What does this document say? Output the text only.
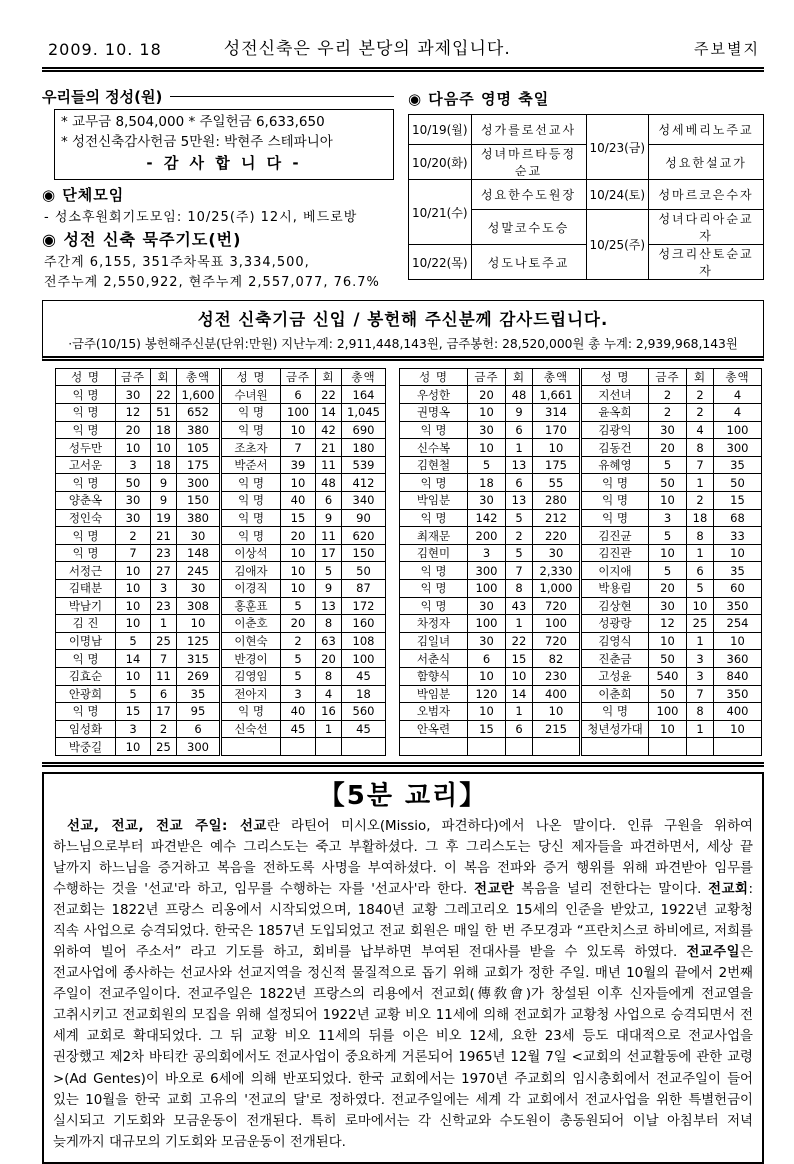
2009. 10. 18	성전신축은 우리 본당의 과제입니다.	주보별지
우리들의 정성(원)
* 교무금 8,504,000 * 주일헌금 6,633,650
* 성전신축감사헌금 5만원: 박현주 스테파니아
- 감 사 합 니 다 -
◉ 단체모임
- 성소후원회기도모임: 10/25(주) 12시, 베드로방
◉ 성전 신축 묵주기도(번)
주간계 6,155, 351주차목표 3,334,500,
전주누계 2,550,922, 현주누계 2,557,077, 76.7%
◉ 다음주 영명 축일
10/19(월)	성가를로선교사	10/23(금)	성세베리노주교
10/20(화)	성녀마르타등정순교		성요한설교가
10/21(수)	성요한수도원장	10/24(토)	성마르코은수자
	성말코수도승	10/25(주)	성녀다리아순교자
10/22(목)	성도나토주교		성크리산토순교자
성전 신축기금 신입 / 봉헌해 주신분께 감사드립니다.
·금주(10/15) 봉헌해주신분(단위:만원) 지난누계: 2,911,448,143원, 금주봉헌: 28,520,000원 총 누계: 2,939,968,143원
성 명	금주	회	총액	성 명	금주	회	총액
익 명	30	22	1,600	수녀원	6	22	164
익 명	12	51	652	익 명	100	14	1,045
익 명	20	18	380	익 명	10	42	690
성두만	10	10	105	조초자	7	21	180
고서운	3	18	175	박준서	39	11	539
익 명	50	9	300	익 명	10	48	412
양춘옥	30	9	150	익 명	40	6	340
정인숙	30	19	380	익 명	15	9	90
익 명	2	21	30	익 명	20	11	620
익 명	7	23	148	이상석	10	17	150
서정근	10	27	245	김애자	10	5	50
김태분	10	3	30	이경직	10	9	87
박남기	10	23	308	홍훈표	5	13	172
김 진	10	1	10	이춘호	20	8	160
이명남	5	25	125	이현숙	2	63	108
익 명	14	7	315	반경이	5	20	100
김효순	10	11	269	김영임	5	8	45
안광희	5	6	35	전아지	3	4	18
익 명	15	17	95	익 명	40	16	560
임성화	3	2	6	신숙선	45	1	45
박중길	10	25	300				
성 명	금주	회	총액	성 명	금주	회	총액
우성한	20	48	1,661	지선녀	2	2	4
권명옥	10	9	314	윤옥희	2	2	4
익 명	30	6	170	김광익	30	4	100
신수복	10	1	10	김동건	20	8	300
김현철	5	13	175	유혜영	5	7	35
익 명	18	6	55	익 명	50	1	50
박임분	30	13	280	익 명	10	2	15
익 명	142	5	212	익 명	3	18	68
최재문	200	2	220	김진균	5	8	33
김현미	3	5	30	김진관	10	1	10
익 명	300	7	2,330	이지애	5	6	35
익 명	100	8	1,000	박용림	20	5	60
익 명	30	43	720	김상현	30	10	350
차정자	100	1	100	성광랑	12	25	254
김일녀	30	22	720	김영식	10	1	10
서춘식	6	15	82	진춘금	50	3	360
함향식	10	10	230	고성윤	540	3	840
박임분	120	14	400	이춘희	50	7	350
오범자	10	1	10	익 명	100	8	400
안옥련	15	6	215	청년성가대	10	1	10

【5분 교리】

선교, 전교, 전교 주일: 선교란 라틴어 미시오(Missio, 파견하다)에서 나온 말이다. 인류 구원을 위하여 하느님으로부터 파견받은 예수 그리스도는 죽고 부활하셨다. 그 후 그리스도는 당신 제자들을 파견하면서, 세상 끝 날까지 하느님을 증거하고 복음을 전하도록 사명을 부여하셨다. 이 복음 전파와 증거 행위를 위해 파견받아 임무를 수행하는 것을 '선교'라 하고, 임무를 수행하는 자를 '선교사'라 한다. 전교란 복음을 널리 전한다는 말이다. 전교회: 전교회는 1822년 프랑스 리옹에서 시작되었으며, 1840년 교황 그레고리오 15세의 인준을 받았고, 1922년 교황청 직속 사업으로 승격되었다. 한국은 1857년 도입되었고 전교 회원은 매일 한 번 주모경과 “프란치스코 하비에르, 저희를 위하여 빌어 주소서” 라고 기도를 하고, 회비를 납부하면 부여된 전대사를 받을 수 있도록 하였다. 전교주일은 전교사업에 종사하는 선교사와 선교지역을 정신적 물질적으로 돕기 위해 교회가 정한 주일. 매년 10월의 끝에서 2번째 주일이 전교주일이다. 전교주일은 1822년 프랑스의 리용에서 전교회(傳敎會)가 창설된 이후 신자들에게 전교열을 고취시키고 전교회원의 모집을 위해 설정되어 1922년 교황 비오 11세에 의해 전교회가 교황청 사업으로 승격되면서 전 세계 교회로 확대되었다. 그 뒤 교황 비오 11세의 뒤를 이은 비오 12세, 요한 23세 등도 대대적으로 전교사업을 권장했고 제2차 바티칸 공의회에서도 전교사업이 중요하게 거론되어 1965년 12월 7일 <교회의 선교활동에 관한 교령>(Ad Gentes)이 바오로 6세에 의해 반포되었다. 한국 교회에서는 1970년 주교회의 임시총회에서 전교주일이 들어 있는 10월을 한국 교회 고유의 '전교의 달'로 정하였다. 전교주일에는 세계 각 교회에서 전교사업을 위한 특별헌금이 실시되고 기도회와 모금운동이 전개된다. 특히 로마에서는 각 신학교와 수도원이 총동원되어 이날 아침부터 저녁 늦게까지 대규모의 기도회와 모금운동이 전개된다.
